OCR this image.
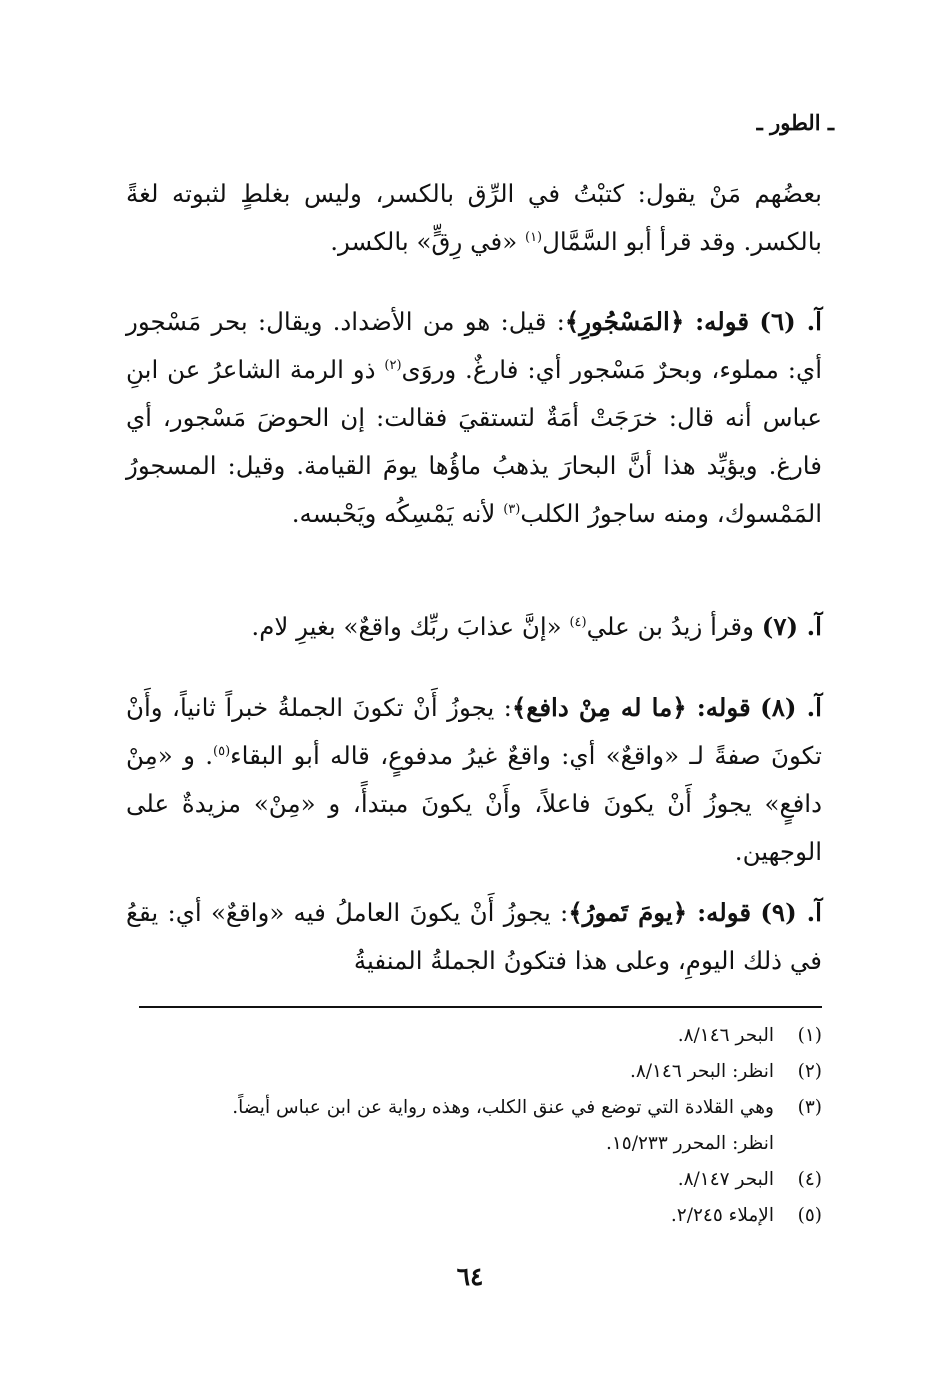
ـ الطور ـ

بعضُهم مَنْ يقول: كتبْتُ في الرِّق بالكسر، وليس بغلطٍ لثبوته لغةً بالكسر. وقد قرأ أبو السَّمَّال$^{(١)}$ «في رِقٍّ» بالكسر.

آ. (٦) قوله: ﴿المَسْجُورِ﴾: قيل: هو من الأضداد. ويقال: بحر مَسْجور أي: مملوء، وبحرٌ مَسْجور أي: فارغٌ. وروَى$^{(٢)}$ ذو الرمة الشاعرُ عن ابنِ عباس أنه قال: خرَجَتْ أمَةٌ لتستقيَ فقالت: إن الحوضَ مَسْجور، أي فارغ. ويؤيِّد هذا أنَّ البحارَ يذهبُ ماؤُها يومَ القيامة. وقيل: المسجورُ المَمْسوك، ومنه ساجورُ الكلب$^{(٣)}$ لأنه يَمْسِكُه ويَحْبسه.

آ. (٧) وقرأ زيدُ بن علي$^{(٤)}$ «إنَّ عذابَ ربِّك واقعٌ» بغيرِ لام.

آ. (٨) قوله: ﴿ما له مِنْ دافع﴾: يجوزُ أَنْ تكونَ الجملةُ خبراً ثانياً، وأَنْ تكونَ صفةً لـ «واقعٌ» أي: واقعٌ غيرُ مدفوعٍ، قاله أبو البقاء$^{(٥)}$. و «مِنْ دافعٍ» يجوزُ أَنْ يكونَ فاعلاً، وأَنْ يكونَ مبتدأً، و «مِنْ» مزيدةٌ على الوجهين.

آ. (٩) قوله: ﴿يومَ تَمورُ﴾: يجوزُ أَنْ يكونَ العاملُ فيه «واقعٌ» أي: يقعُ في ذلك اليومِ، وعلى هذا فتكونُ الجملةُ المنفيةُ

(١)
البحر ٨/١٤٦.
(٢)
انظر: البحر ٨/١٤٦.
(٣)
وهي القلادة التي توضع في عنق الكلب، وهذه رواية عن ابن عباس أيضاً.
انظر: المحرر ١٥/٢٣٣.
(٤)
البحر ٨/١٤٧.
(٥)
الإملاء ٢/٢٤٥.
٦٤
